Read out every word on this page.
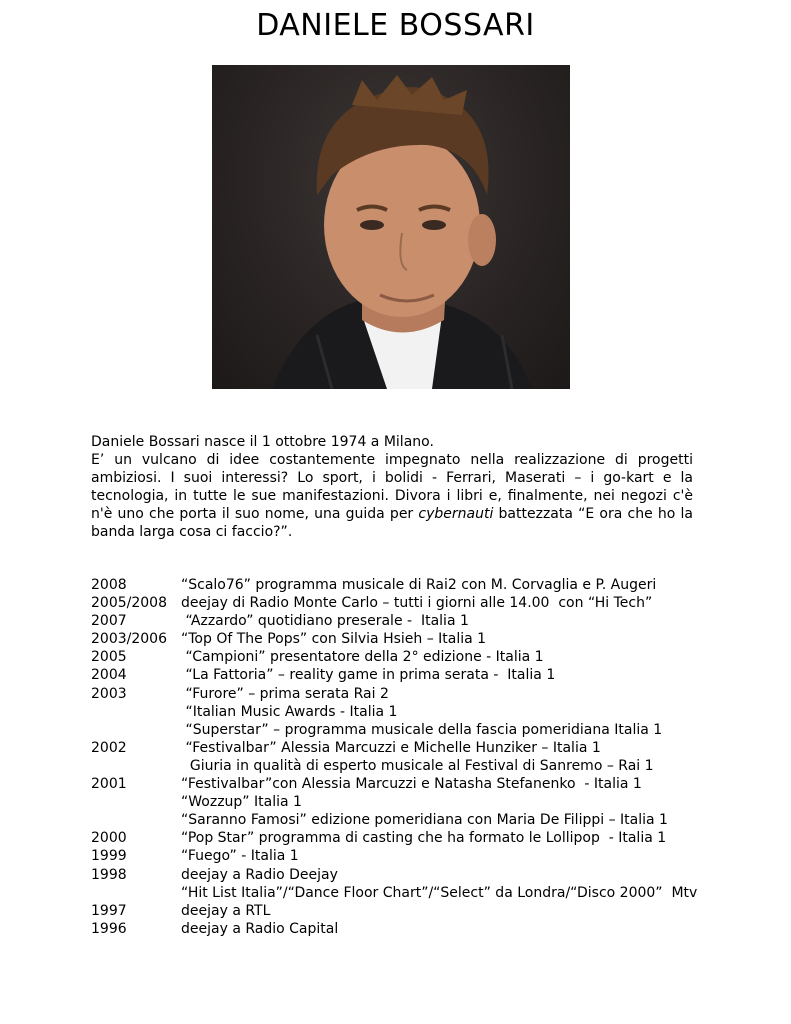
DANIELE BOSSARI

Daniele Bossari nasce il 1 ottobre 1974 a Milano.

E’ un vulcano di idee costantemente impegnato nella realizzazione di progetti ambiziosi. I suoi interessi? Lo sport, i bolidi - Ferrari, Maserati – i go-kart e la tecnologia, in tutte le sue manifestazioni. Divora i libri e, finalmente, nei negozi c'è n'è uno che porta il suo nome, una guida per cybernauti battezzata “E ora che ho la banda larga cosa ci faccio?”.

2008	“Scalo76” programma musicale di Rai2 con M. Corvaglia e P. Augeri
2005/2008	deejay di Radio Monte Carlo – tutti i giorni alle 14.00  con “Hi Tech”
2007	“Azzardo” quotidiano preserale -  Italia 1
2003/2006	“Top Of The Pops” con Silvia Hsieh – Italia 1
2005	“Campioni” presentatore della 2° edizione - Italia 1
2004	“La Fattoria” – reality game in prima serata -  Italia 1
2003	“Furore” – prima serata Rai 2
“Italian Music Awards - Italia 1
“Superstar” – programma musicale della fascia pomeridiana Italia 1
2002	“Festivalbar” Alessia Marcuzzi e Michelle Hunziker – Italia 1
Giuria in qualità di esperto musicale al Festival di Sanremo – Rai 1
2001	“Festivalbar”con Alessia Marcuzzi e Natasha Stefanenko  - Italia 1
“Wozzup” Italia 1
“Saranno Famosi” edizione pomeridiana con Maria De Filippi – Italia 1
2000	“Pop Star” programma di casting che ha formato le Lollipop  - Italia 1
1999	“Fuego” - Italia 1
1998	deejay a Radio Deejay
“Hit List Italia”/“Dance Floor Chart”/“Select” da Londra/“Disco 2000”  Mtv
1997	deejay a RTL
1996	deejay a Radio Capital
